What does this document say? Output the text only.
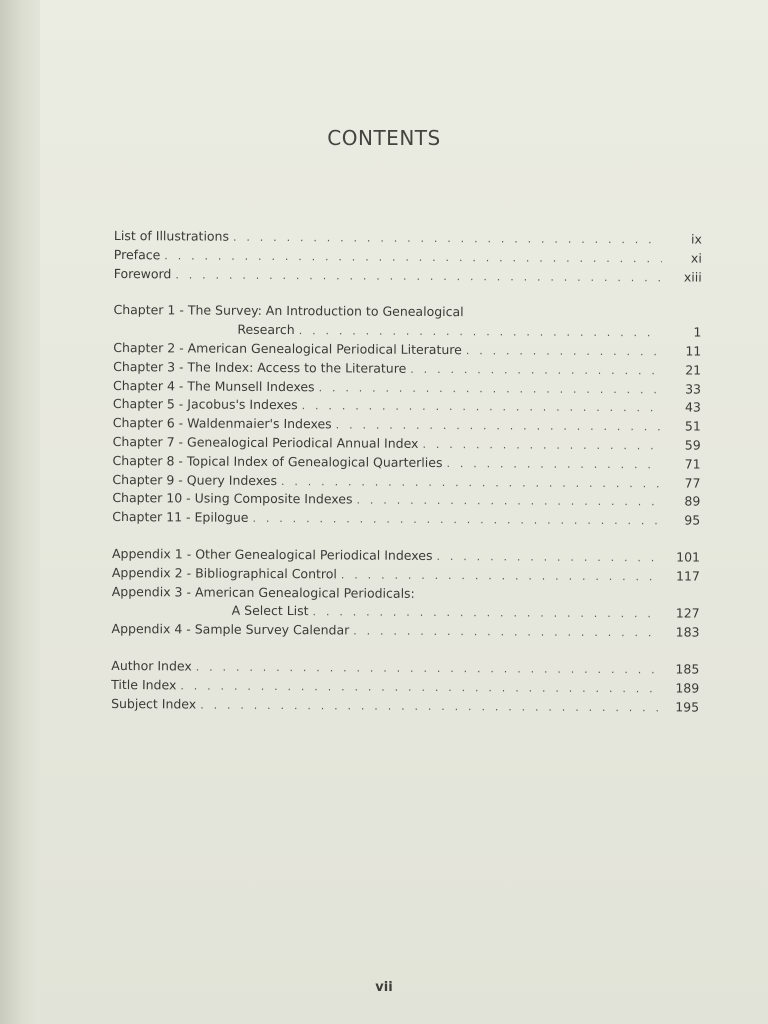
CONTENTS
List of Illustrations . . .	ix
Preface . . .	xi
Foreword . . .	xiii
Chapter 1 - The Survey: An Introduction to Genealogical
Research . . .	1
Chapter 2 - American Genealogical Periodical Literature . . .	11
Chapter 3 - The Index: Access to the Literature . . .	21
Chapter 4 - The Munsell Indexes . . .	33
Chapter 5 - Jacobus's Indexes . . .	43
Chapter 6 - Waldenmaier's Indexes . . .	51
Chapter 7 - Genealogical Periodical Annual Index . . .	59
Chapter 8 - Topical Index of Genealogical Quarterlies . . .	71
Chapter 9 - Query Indexes . . .	77
Chapter 10 - Using Composite Indexes . . .	89
Chapter 11 - Epilogue . . .	95
Appendix 1 - Other Genealogical Periodical Indexes . . .	101
Appendix 2 - Bibliographical Control . . .	117
Appendix 3 - American Genealogical Periodicals:
A Select List . . .	127
Appendix 4 - Sample Survey Calendar . . .	183
Author Index . . .	185
Title Index . . .	189
Subject Index . . .	195
vii
